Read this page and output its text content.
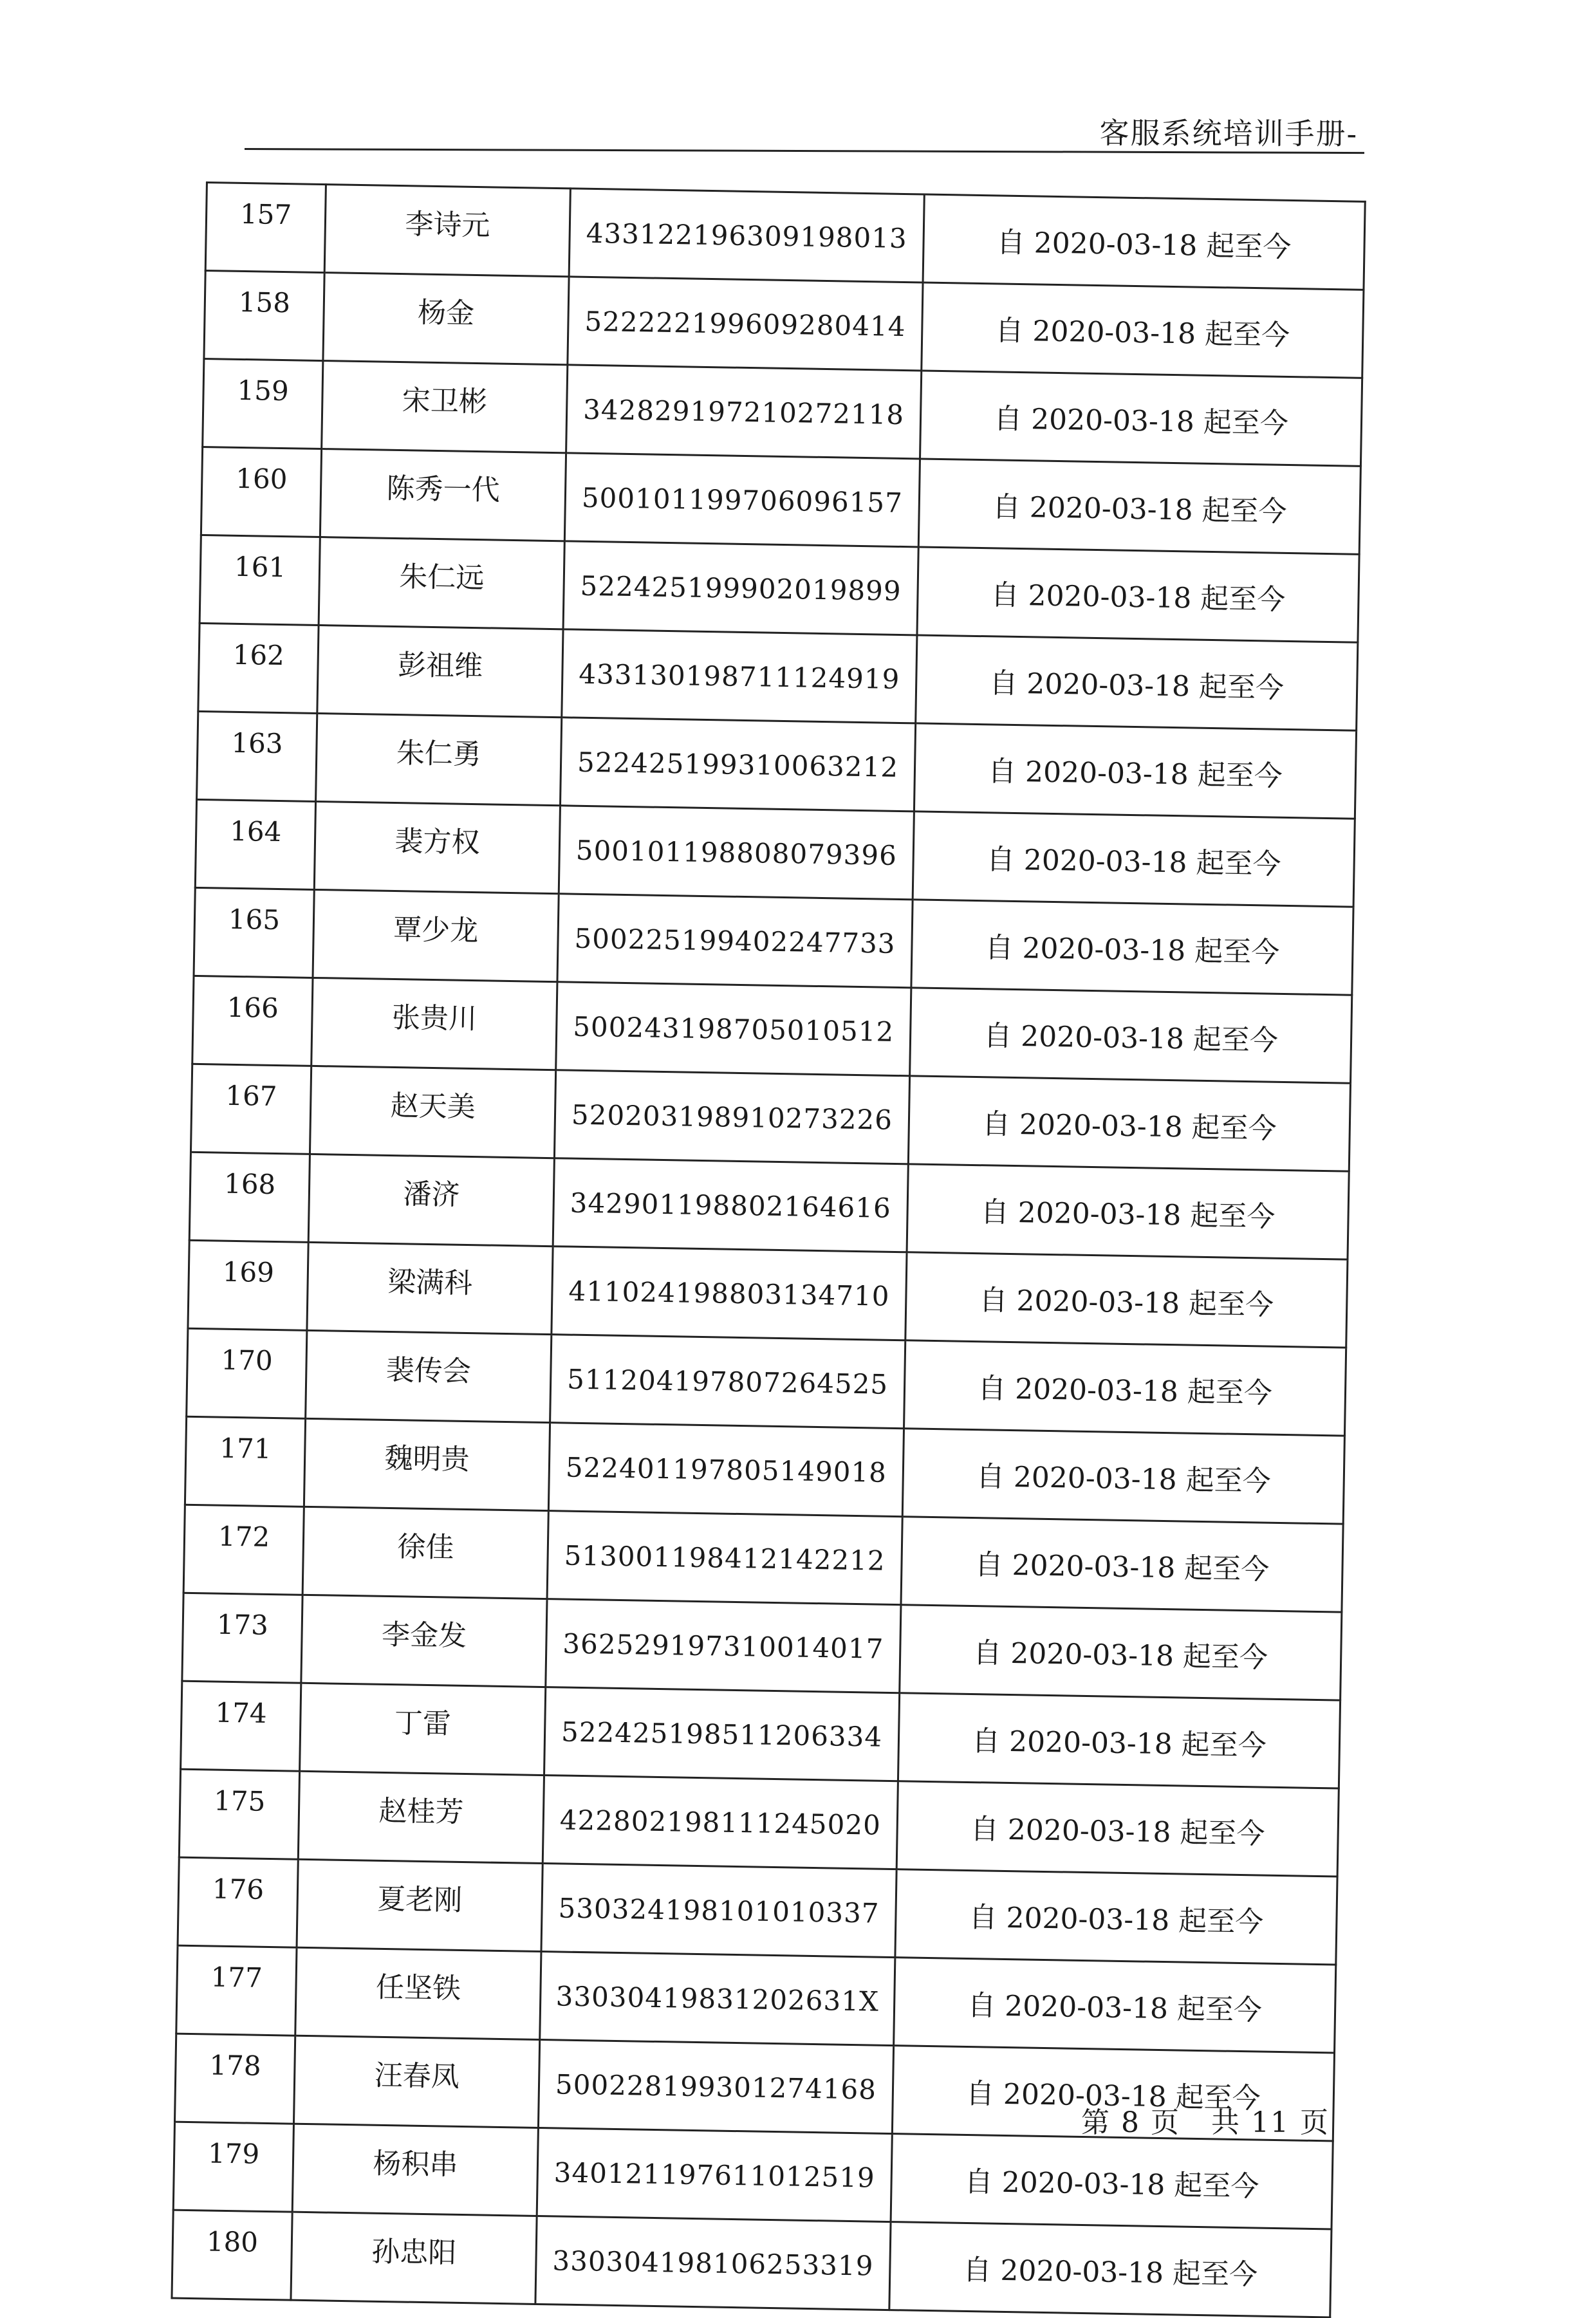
客服系统培训手册-
157	李诗元	433122196309198013	自 2020-03-18 起至今
158	杨金	522222199609280414	自 2020-03-18 起至今
159	宋卫彬	342829197210272118	自 2020-03-18 起至今
160	陈秀一代	500101199706096157	自 2020-03-18 起至今
161	朱仁远	522425199902019899	自 2020-03-18 起至今
162	彭祖维	433130198711124919	自 2020-03-18 起至今
163	朱仁勇	522425199310063212	自 2020-03-18 起至今
164	裴方权	500101198808079396	自 2020-03-18 起至今
165	覃少龙	500225199402247733	自 2020-03-18 起至今
166	张贵川	500243198705010512	自 2020-03-18 起至今
167	赵天美	520203198910273226	自 2020-03-18 起至今
168	潘济	342901198802164616	自 2020-03-18 起至今
169	梁满科	411024198803134710	自 2020-03-18 起至今
170	裴传会	511204197807264525	自 2020-03-18 起至今
171	魏明贵	522401197805149018	自 2020-03-18 起至今
172	徐佳	513001198412142212	自 2020-03-18 起至今
173	李金发	362529197310014017	自 2020-03-18 起至今
174	丁雷	522425198511206334	自 2020-03-18 起至今
175	赵桂芳	422802198111245020	自 2020-03-18 起至今
176	夏老刚	530324198101010337	自 2020-03-18 起至今
177	任坚铁	33030419831202631X	自 2020-03-18 起至今
178	汪春凤	500228199301274168	自 2020-03-18 起至今
179	杨积串	340121197611012519	自 2020-03-18 起至今
180	孙忠阳	330304198106253319	自 2020-03-18 起至今
第 8 页 共 11 页
